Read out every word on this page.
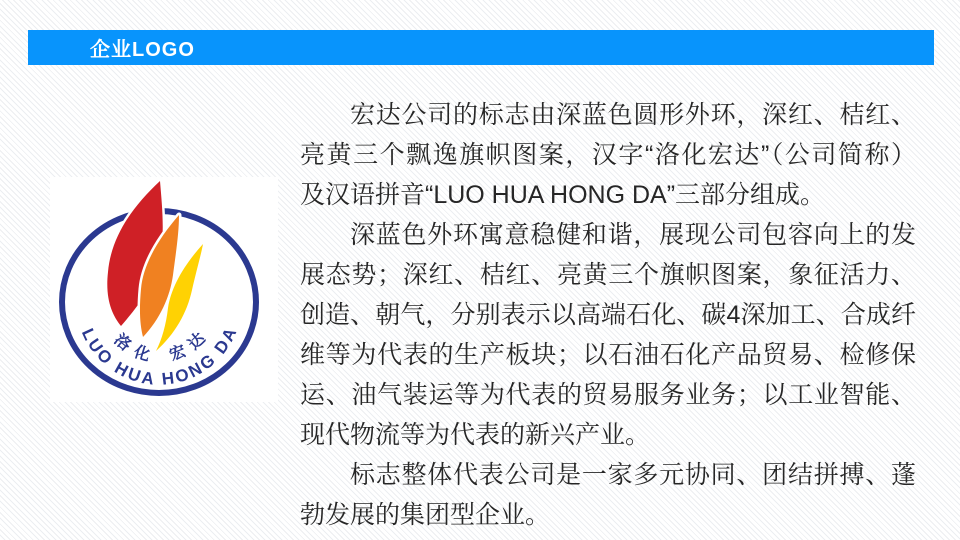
企业LOGO
洛 化 宏 达
LUO HUA HONG DA
宏达公司的标志由深蓝色圆形外环，深红、桔红、
亮黄三个飘逸旗帜图案，汉字“洛化宏达”（公司简称）
及汉语拼音“LUO HUA HONG DA”三部分组成。
深蓝色外环寓意稳健和谐，展现公司包容向上的发
展态势；深红、桔红、亮黄三个旗帜图案，象征活力、
创造、朝气，分别表示以高端石化、碳4深加工、合成纤
维等为代表的生产板块；以石油石化产品贸易、检修保
运、油气装运等为代表的贸易服务业务；以工业智能、
现代物流等为代表的新兴产业。
标志整体代表公司是一家多元协同、团结拼搏、蓬
勃发展的集团型企业。
